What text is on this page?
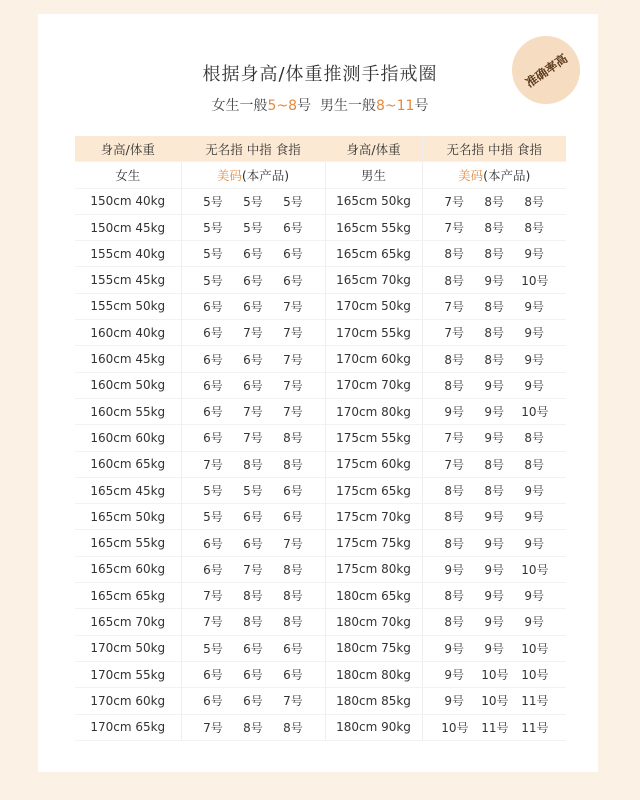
准确率高
根据身高/体重推测手指戒圈
女生一般5~8号  男生一般8~11号
身高/体重	无名指 中指 食指	身高/体重	无名指 中指 食指
女生	美码(本产品)	男生	美码(本产品)
150cm 40kg	5号 5号 5号	165cm 50kg	7号 8号 8号

150cm 45kg	5号 5号 6号	165cm 55kg	7号 8号 8号

155cm 40kg	5号 6号 6号	165cm 65kg	8号 8号 9号

155cm 45kg	5号 6号 6号	165cm 70kg	8号 9号 10号

155cm 50kg	6号 6号 7号	170cm 50kg	7号 8号 9号

160cm 40kg	6号 7号 7号	170cm 55kg	7号 8号 9号

160cm 45kg	6号 6号 7号	170cm 60kg	8号 8号 9号

160cm 50kg	6号 6号 7号	170cm 70kg	8号 9号 9号

160cm 55kg	6号 7号 7号	170cm 80kg	9号 9号 10号

160cm 60kg	6号 7号 8号	175cm 55kg	7号 9号 8号

160cm 65kg	7号 8号 8号	175cm 60kg	7号 8号 8号

165cm 45kg	5号 5号 6号	175cm 65kg	8号 8号 9号

165cm 50kg	5号 6号 6号	175cm 70kg	8号 9号 9号

165cm 55kg	6号 6号 7号	175cm 75kg	8号 9号 9号

165cm 60kg	6号 7号 8号	175cm 80kg	9号 9号 10号

165cm 65kg	7号 8号 8号	180cm 65kg	8号 9号 9号

165cm 70kg	7号 8号 8号	180cm 70kg	8号 9号 9号

170cm 50kg	5号 6号 6号	180cm 75kg	9号 9号 10号

170cm 55kg	6号 6号 6号	180cm 80kg	9号 10号 10号

170cm 60kg	6号 6号 7号	180cm 85kg	9号 10号 11号

170cm 65kg	7号 8号 8号	180cm 90kg	10号 11号 11号
